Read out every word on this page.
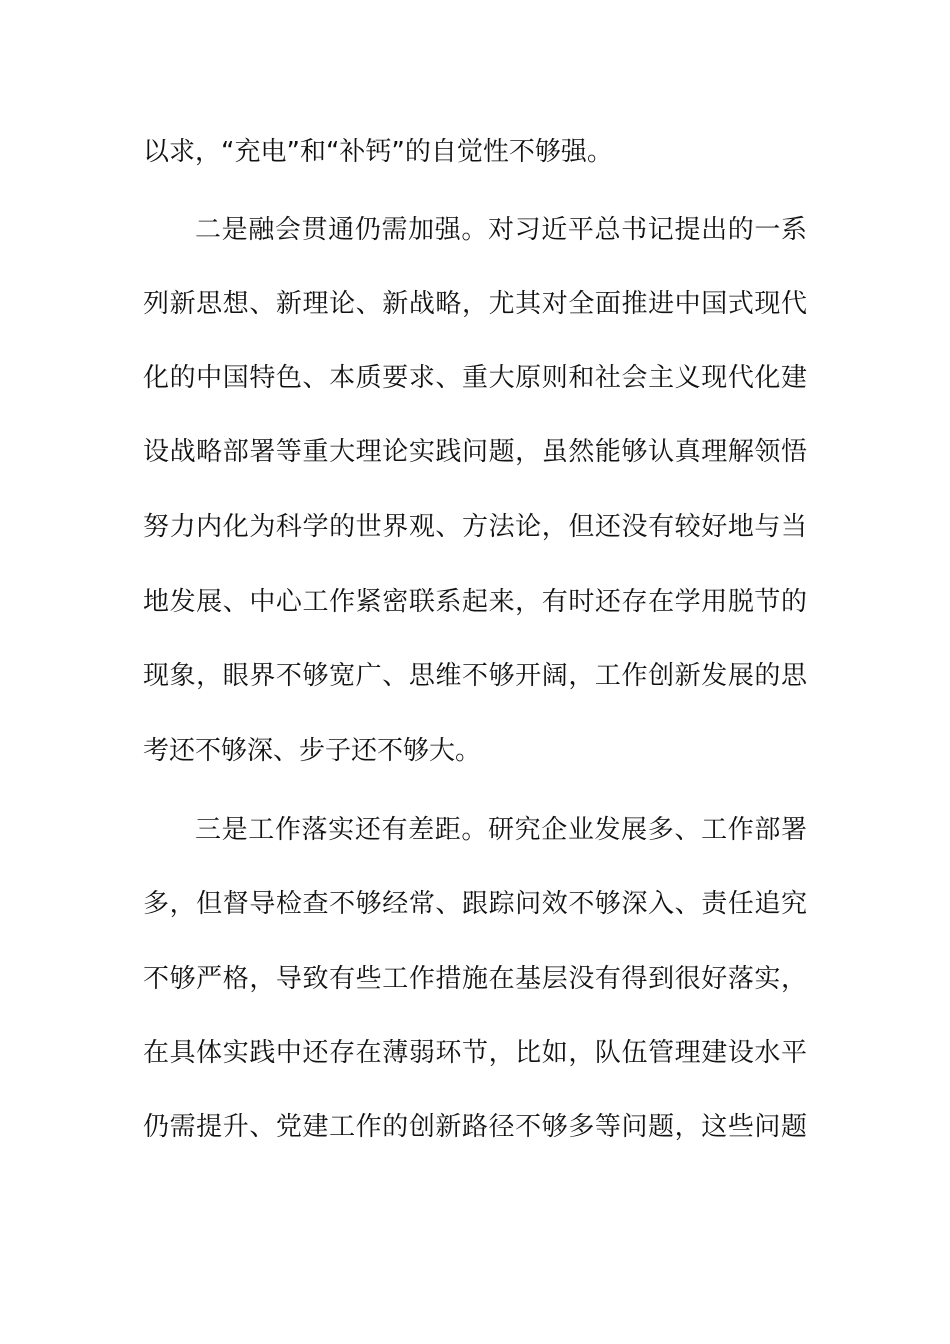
以求，“充电”和“补钙”的自觉性不够强。
二是融会贯通仍需加强。对习近平总书记提出的一系
列新思想、新理论、新战略，尤其对全面推进中国式现代
化的中国特色、本质要求、重大原则和社会主义现代化建
设战略部署等重大理论实践问题，虽然能够认真理解领悟
努力内化为科学的世界观、方法论，但还没有较好地与当
地发展、中心工作紧密联系起来，有时还存在学用脱节的
现象，眼界不够宽广、思维不够开阔，工作创新发展的思
考还不够深、步子还不够大。
三是工作落实还有差距。研究企业发展多、工作部署
多，但督导检查不够经常、跟踪问效不够深入、责任追究
不够严格，导致有些工作措施在基层没有得到很好落实，
在具体实践中还存在薄弱环节，比如，队伍管理建设水平
仍需提升、党建工作的创新路径不够多等问题，这些问题
